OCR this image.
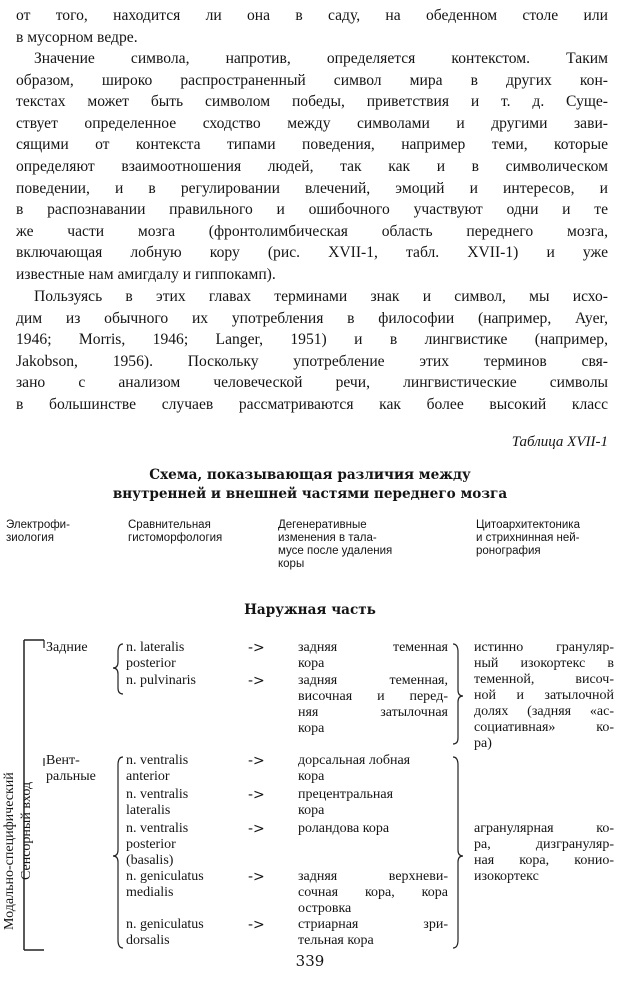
от того, находится ли она в саду, на обеденном столе или
в мусорном ведре.
Значение символа, напротив, определяется контекстом. Таким
образом, широко распространенный символ мира в других кон-
текстах может быть символом победы, приветствия и т. д. Суще-
ствует определенное сходство между символами и другими зави-
сящими от контекста типами поведения, например теми, которые
определяют взаимоотношения людей, так как и в символическом
поведении, и в регулировании влечений, эмоций и интересов, и
в распознавании правильного и ошибочного участвуют одни и те
же части мозга (фронтолимбическая область переднего мозга,
включающая лобную кору (рис. XVII-1, табл. XVII-1) и уже
известные нам амигдалу и гиппокамп).
Пользуясь в этих главах терминами знак и символ, мы исхо-
дим из обычного их употребления в философии (например, Ayer,
1946; Morris, 1946; Langer, 1951) и в лингвистике (например,
Jakobson, 1956). Поскольку употребление этих терминов свя-
зано с анализом человеческой речи, лингвистические символы
в большинстве случаев рассматриваются как более высокий класс
Таблица XVII-1
Схема, показывающая различия между
внутренней и внешней частями переднего мозга
Электрофи-
зиология
Сравнительная
гистоморфология
Дегенеративные
изменения в тала-
мусе после удаления
коры
Цитоархитектоника
и стрихнинная ней-
ронография
Наружная часть
Модально-специфический Сенсорный вход
Задние
Вент-
ральные
n. lateralis
posterior
n. pulvinaris
n. ventralis
anterior
n. ventralis
lateralis
n. ventralis
posterior
(basalis)
n. geniculatus
medialis
n. geniculatus
dorsalis
->
->
->
->
->
->
->
задняя теменная
кора
задняя теменная,
височная и перед-
няя затылочная
кора
дорсальная лобная
кора
прецентральная
кора
роландова кора
задняя верхневи-
сочная кора, кора
островка
стриарная зри-
тельная кора
истинно грануляр-
ный изокортекс в
теменной, височ-
ной и затылочной
долях (задняя «ас-
социативная» ко-
ра)
агранулярная ко-
ра, дизгрануляр-
ная кора, конио-
изокортекс
339
